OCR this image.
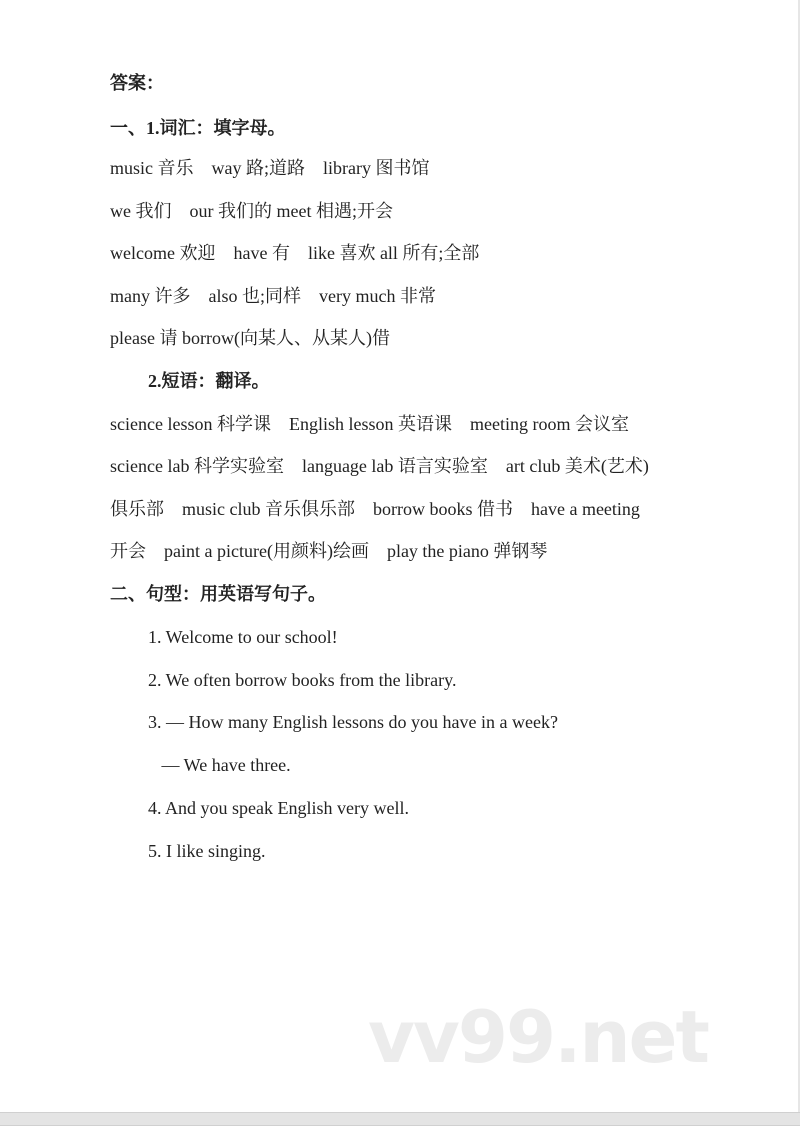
答案：
一、1.词汇：填字母。
music 音乐    way 路;道路    library 图书馆
we 我们    our 我们的 meet 相遇;开会
welcome 欢迎    have 有    like 喜欢 all 所有;全部
many 许多    also 也;同样    very much 非常
please 请 borrow(向某人、从某人)借
2.短语：翻译。
science lesson 科学课    English lesson 英语课    meeting room 会议室
science lab 科学实验室    language lab 语言实验室    art club 美术(艺术)
俱乐部    music club 音乐俱乐部    borrow books 借书    have a meeting
开会    paint a picture(用颜料)绘画    play the piano 弹钢琴
二、句型：用英语写句子。
1. Welcome to our school!
2. We often borrow books from the library.
3. — How many English lessons do you have in a week?
— We have three.
4. And you speak English very well.
5. I like singing.
vv99.net
